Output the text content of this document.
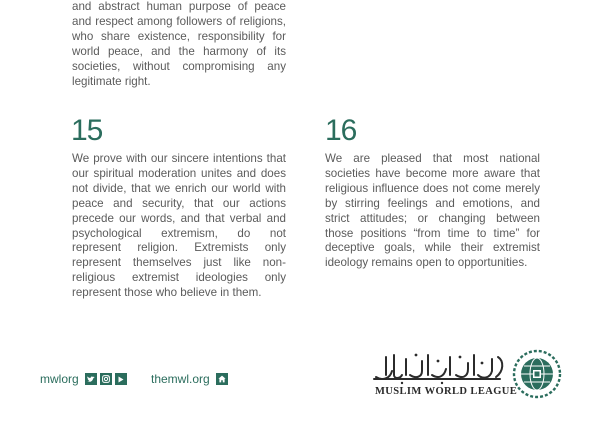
and abstract human purpose of peace and respect among followers of religions, who share existence, responsibility for world peace, and the harmony of its societies, without compromising any legitimate right.
15
We prove with our sincere intentions that our spiritual moderation unites and does not divide, that we enrich our world with peace and security, that our actions precede our words, and that verbal and psychological extremism, do not represent religion. Extremists only represent themselves just like non-religious extremist ideologies only represent those who believe in them.
16
We are pleased that most national societies have become more aware that religious influence does not come merely by stirring feelings and emotions, and strict attitudes; or changing between those positions “from time to time” for deceptive goals, while their extremist ideology remains open to opportunities.
mwlorg	themwl.org
MUSLIM WORLD LEAGUE
